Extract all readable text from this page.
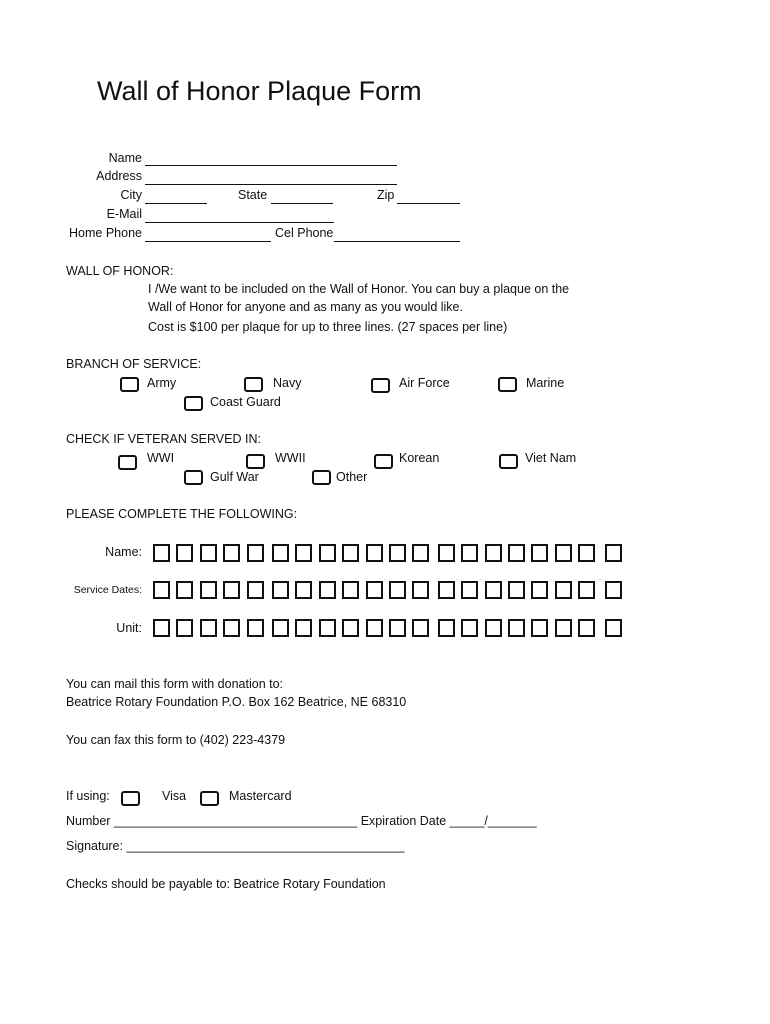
Wall of Honor Plaque Form
Name
Address
City	State	Zip
E-Mail
Home Phone	Cel Phone
WALL OF HONOR:
I /We want to be included on the Wall of Honor. You can buy a plaque on the
Wall of Honor for anyone and as many as you would like.
Cost is $100 per plaque for up to three lines. (27 spaces per line)
BRANCH OF SERVICE:
Army	Navy	Air Force	Marine
Coast Guard
CHECK IF VETERAN SERVED IN:
WWI	WWII	Korean	Viet Nam
Gulf War	Other
PLEASE COMPLETE THE FOLLOWING:
Name:
Service Dates:
Unit:
You can mail this form with donation to:
Beatrice Rotary Foundation P.O. Box 162 Beatrice, NE 68310
You can fax this form to (402) 223-4379
If using:	Visa	Mastercard
Number ___________________________________ Expiration Date _____/_______
Signature: ________________________________________
Checks should be payable to: Beatrice Rotary Foundation
